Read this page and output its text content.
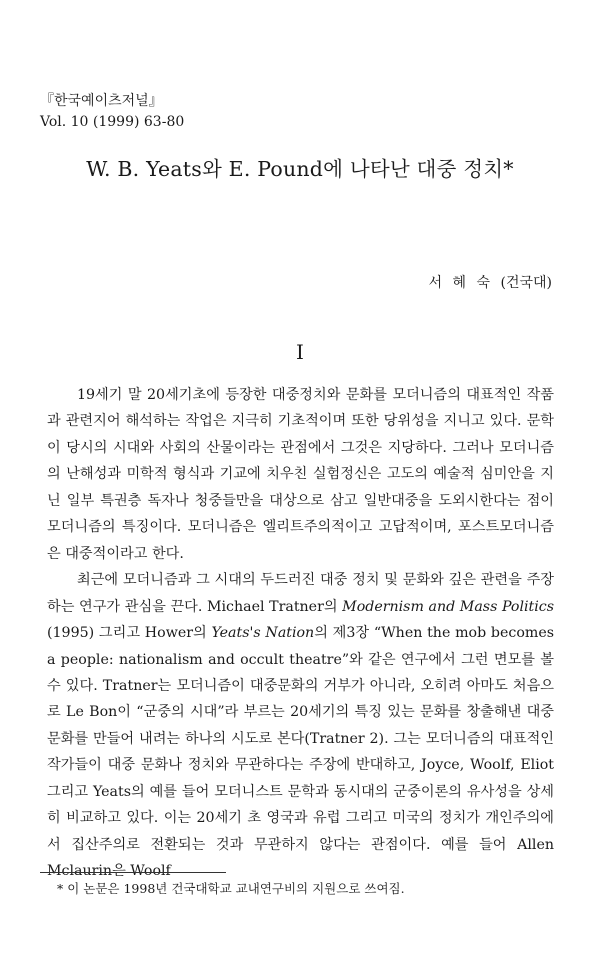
『한국예이츠저널』
Vol. 10 (1999) 63-80
W. B. Yeats와 E. Pound에 나타난 대중 정치*
서 혜 숙 (건국대)
I

19세기 말 20세기초에 등장한 대중정치와 문화를 모더니즘의 대표적인 작품과 관련지어 해석하는 작업은 지극히 기초적이며 또한 당위성을 지니고 있다. 문학이 당시의 시대와 사회의 산물이라는 관점에서 그것은 지당하다. 그러나 모더니즘의 난해성과 미학적 형식과 기교에 치우친 실험정신은 고도의 예술적 심미안을 지닌 일부 특권층 독자나 청중들만을 대상으로 삼고 일반대중을 도외시한다는 점이 모더니즘의 특징이다. 모더니즘은 엘리트주의적이고 고답적이며, 포스트모더니즘은 대중적이라고 한다.

최근에 모더니즘과 그 시대의 두드러진 대중 정치 및 문화와 깊은 관련을 주장하는 연구가 관심을 끈다. Michael Tratner의 Modernism and Mass Politics (1995) 그리고 Hower의 Yeats's Nation의 제3장 “When the mob becomes a people: nationalism and occult theatre”와 같은 연구에서 그런 면모를 볼 수 있다. Tratner는 모더니즘이 대중문화의 거부가 아니라, 오히려 아마도 처음으로 Le Bon이 “군중의 시대”라 부르는 20세기의 특징 있는 문화를 창출해낸 대중문화를 만들어 내려는 하나의 시도로 본다(Tratner 2). 그는 모더니즘의 대표적인 작가들이 대중 문화나 정치와 무관하다는 주장에 반대하고, Joyce, Woolf, Eliot 그리고 Yeats의 예를 들어 모더니스트 문학과 동시대의 군중이론의 유사성을 상세히 비교하고 있다. 이는 20세기 초 영국과 유럽 그리고 미국의 정치가 개인주의에서 집산주의로 전환되는 것과 무관하지 않다는 관점이다. 예를 들어 Allen Mclaurin은 Woolf

* 이 논문은 1998년 건국대학교 교내연구비의 지원으로 쓰여짐.
